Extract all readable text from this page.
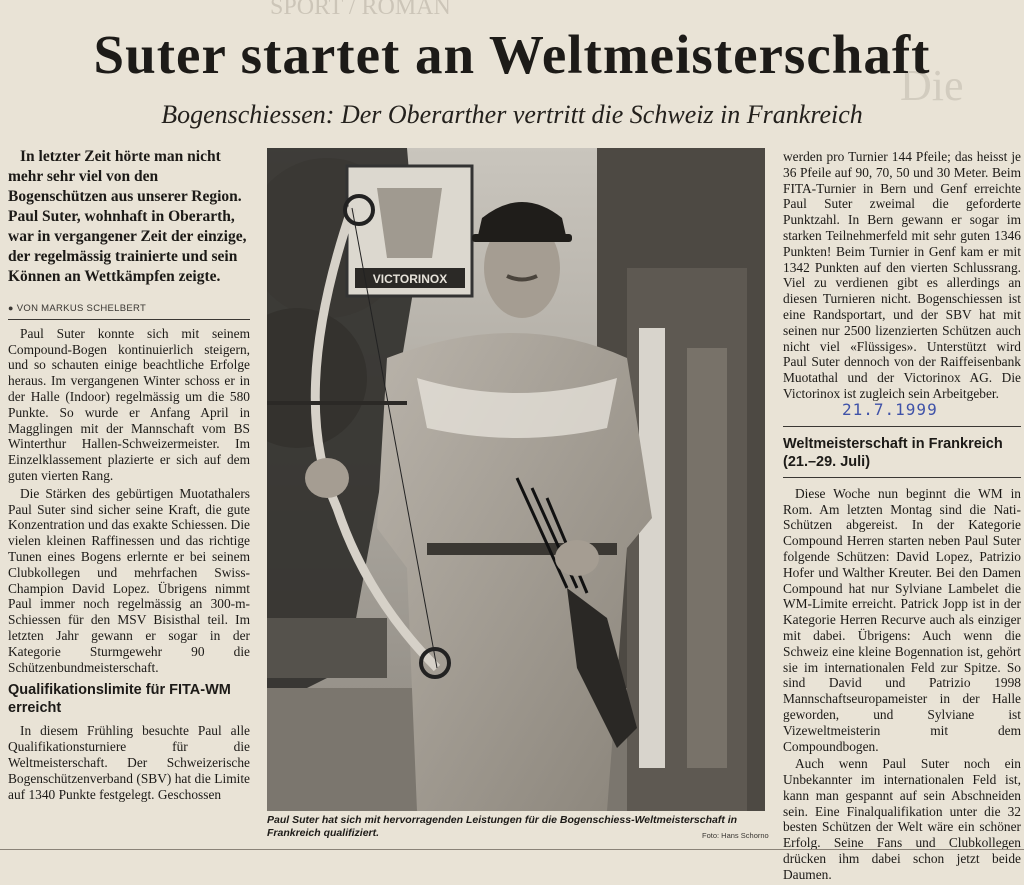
SPORT / ROMAN
Die
Suter startet an Weltmeisterschaft
Bogenschiessen: Der Oberarther vertritt die Schweiz in Frankreich

In letzter Zeit hörte man nicht mehr sehr viel von den Bogenschützen aus unserer Region. Paul Suter, wohnhaft in Oberarth, war in vergangener Zeit der einzige, der regelmässig trainierte und sein Können an Wettkämpfen zeigte.

● VON MARKUS SCHELBERT

Paul Suter konnte sich mit seinem Compound-Bogen kontinuierlich steigern, und so schauten einige beachtliche Erfolge heraus. Im vergangenen Winter schoss er in der Halle (Indoor) regelmässig um die 580 Punkte. So wurde er Anfang April in Magglingen mit der Mannschaft vom BS Winterthur Hallen-Schweizermeister. Im Einzelklassement plazierte er sich auf dem guten vierten Rang.

Die Stärken des gebürtigen Muotathalers Paul Suter sind sicher seine Kraft, die gute Konzentration und das exakte Schiessen. Die vielen kleinen Raffinessen und das richtige Tunen eines Bogens erlernte er bei seinem Clubkollegen und mehrfachen Swiss-Champion David Lopez. Übrigens nimmt Paul immer noch regelmässig an 300-m-Schiessen für den MSV Bisisthal teil. Im letzten Jahr gewann er sogar in der Kategorie Sturmgewehr 90 die Schützenbundmeisterschaft.

Qualifikationslimite für FITA-WM erreicht

In diesem Frühling besuchte Paul alle Qualifikationsturniere für die Weltmeisterschaft. Der Schweizerische Bogenschützenverband (SBV) hat die Limite auf 1340 Punkte festgelegt. Geschossen

VICTORINOX
Paul Suter hat sich mit hervorragenden Leistungen für die Bogenschiess-Weltmeisterschaft in Frankreich qualifiziert.	Foto: Hans Schorno

werden pro Turnier 144 Pfeile; das heisst je 36 Pfeile auf 90, 70, 50 und 30 Meter. Beim FITA-Turnier in Bern und Genf erreichte Paul Suter zweimal die geforderte Punktzahl. In Bern gewann er sogar im starken Teilnehmerfeld mit sehr guten 1346 Punkten! Beim Turnier in Genf kam er mit 1342 Punkten auf den vierten Schlussrang. Viel zu verdienen gibt es allerdings an diesen Turnieren nicht. Bogenschiessen ist eine Randsportart, und der SBV hat mit seinen nur 2500 lizenzierten Schützen auch nicht viel «Flüssiges». Unterstützt wird Paul Suter dennoch von der Raiffeisenbank Muotathal und der Victorinox AG. Die Victorinox ist zugleich sein Arbeitgeber.

Weltmeisterschaft in Frankreich (21.–29. Juli)

Diese Woche nun beginnt die WM in Rom. Am letzten Montag sind die Nati-Schützen abgereist. In der Kategorie Compound Herren starten neben Paul Suter folgende Schützen: David Lopez, Patrizio Hofer und Walther Kreuter. Bei den Damen Compound hat nur Sylviane Lambelet die WM-Limite erreicht. Patrick Jopp ist in der Kategorie Herren Recurve auch als einziger mit dabei. Übrigens: Auch wenn die Schweiz eine kleine Bogennation ist, gehört sie im internationalen Feld zur Spitze. So sind David und Patrizio 1998 Mannschaftseuropameister in der Halle geworden, und Sylviane ist Vizeweltmeisterin mit dem Compoundbogen.

Auch wenn Paul Suter noch ein Unbekannter im internationalen Feld ist, kann man gespannt auf sein Abschneiden sein. Eine Finalqualifikation unter die 32 besten Schützen der Welt wäre ein schöner Erfolg. Seine Fans und Clubkollegen drücken ihm dabei schon jetzt beide Daumen.

21.7.1999
